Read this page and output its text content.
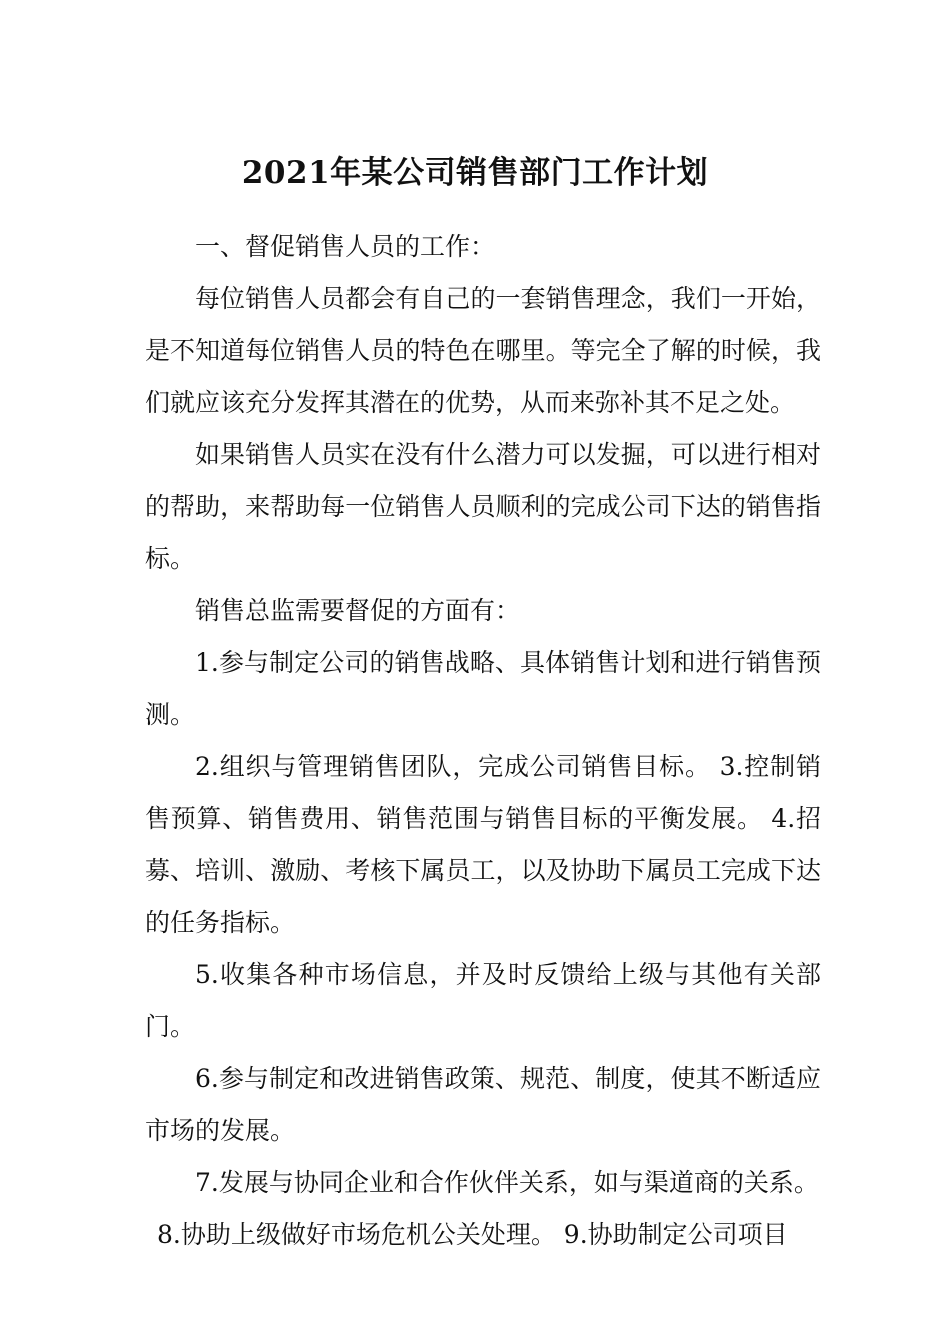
2021年某公司销售部门工作计划

一、督促销售人员的工作：

每位销售人员都会有自己的一套销售理念，我们一开始，是不知道每位销售人员的特色在哪里。等完全了解的时候，我们就应该充分发挥其潜在的优势，从而来弥补其不足之处。

如果销售人员实在没有什么潜力可以发掘，可以进行相对的帮助，来帮助每一位销售人员顺利的完成公司下达的销售指标。

销售总监需要督促的方面有：

1.参与制定公司的销售战略、具体销售计划和进行销售预测。

2.组织与管理销售团队，完成公司销售目标。 3.控制销售预算、销售费用、销售范围与销售目标的平衡发展。 4.招募、培训、激励、考核下属员工，以及协助下属员工完成下达的任务指标。

5.收集各种市场信息，并及时反馈给上级与其他有关部门。

6.参与制定和改进销售政策、规范、制度，使其不断适应市场的发展。

7.发展与协同企业和合作伙伴关系，如与渠道商的关系。

8.协助上级做好市场危机公关处理。 9.协助制定公司项目
